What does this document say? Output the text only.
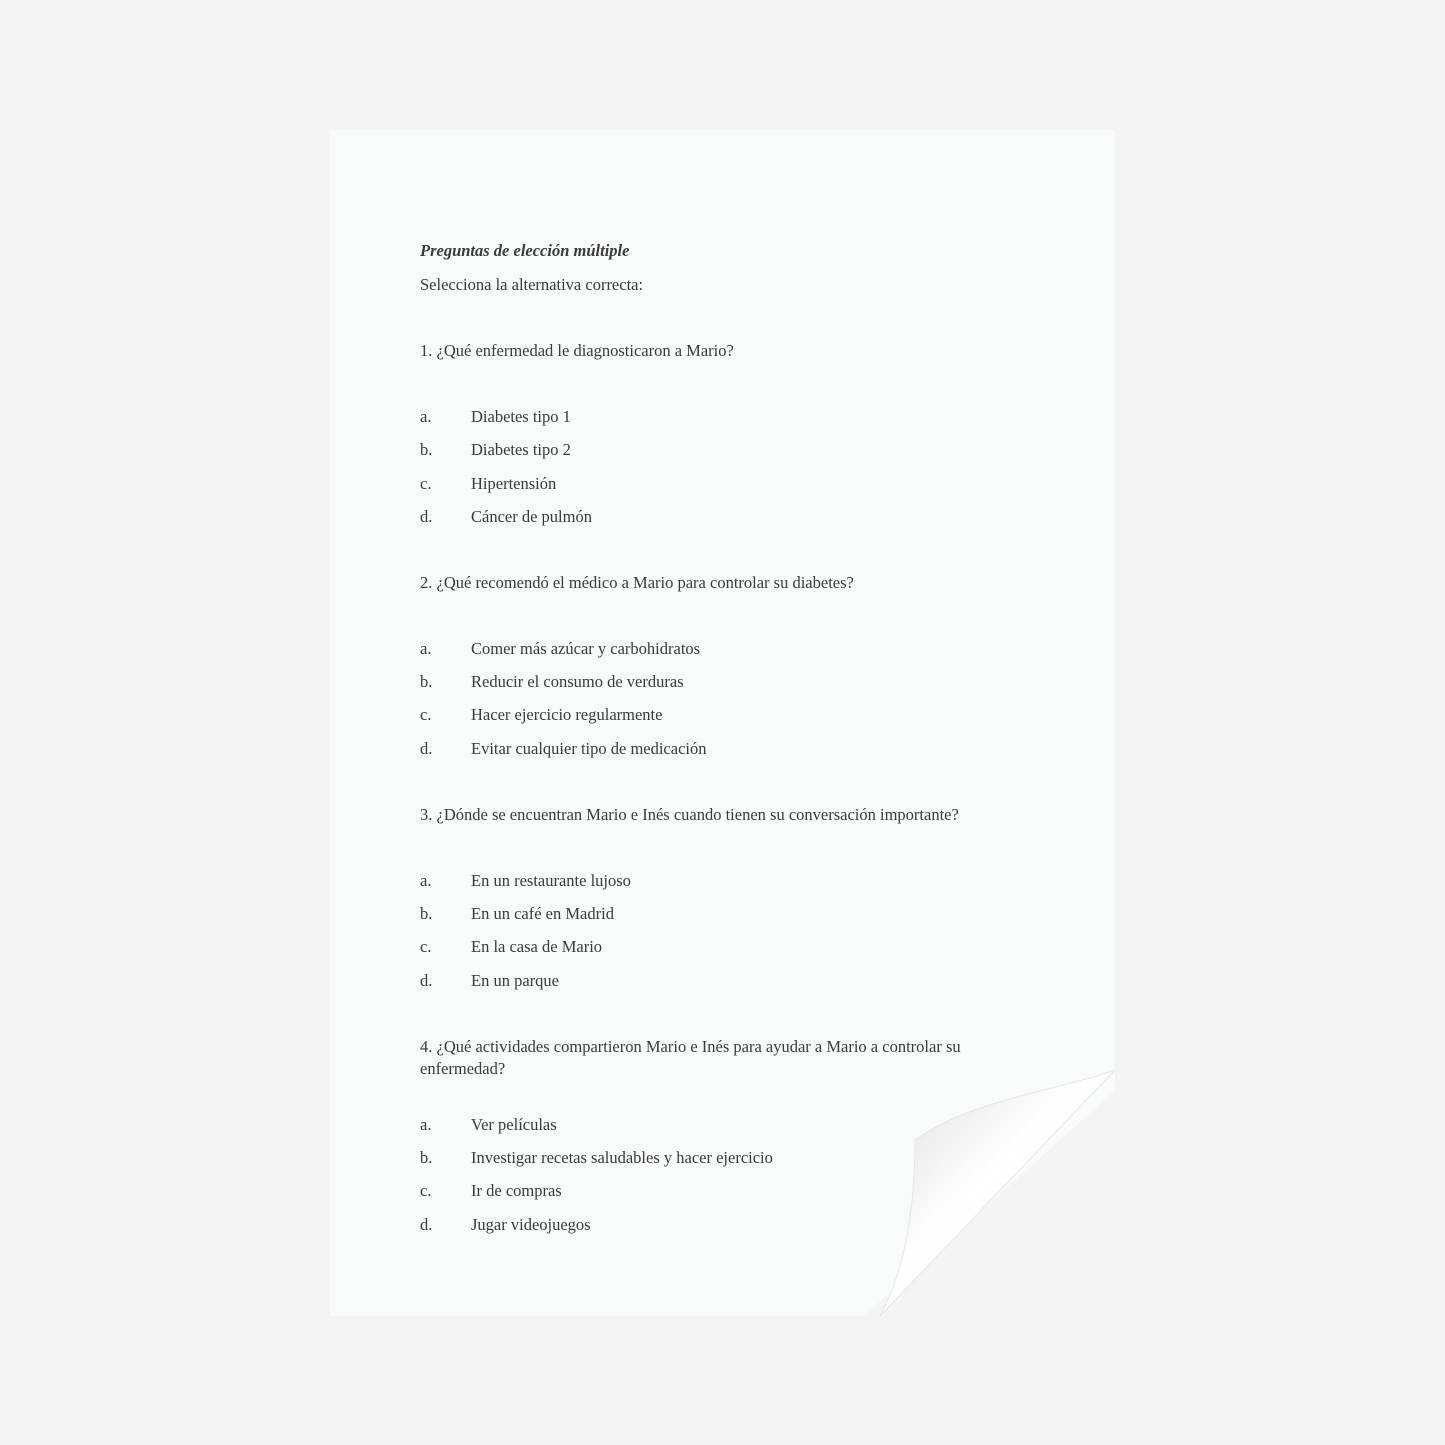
Preguntas de elección múltiple
Selecciona la alternativa correcta:
1. ¿Qué enfermedad le diagnosticaron a Mario?
a.	Diabetes tipo 1
b.	Diabetes tipo 2
c.	Hipertensión
d.	Cáncer de pulmón
2. ¿Qué recomendó el médico a Mario para controlar su diabetes?
a.	Comer más azúcar y carbohidratos
b.	Reducir el consumo de verduras
c.	Hacer ejercicio regularmente
d.	Evitar cualquier tipo de medicación
3. ¿Dónde se encuentran Mario e Inés cuando tienen su conversación importante?
a.	En un restaurante lujoso
b.	En un café en Madrid
c.	En la casa de Mario
d.	En un parque
4. ¿Qué actividades compartieron Mario e Inés para ayudar a Mario a controlar su enfermedad?
a.	Ver películas
b.	Investigar recetas saludables y hacer ejercicio
c.	Ir de compras
d.	Jugar videojuegos
